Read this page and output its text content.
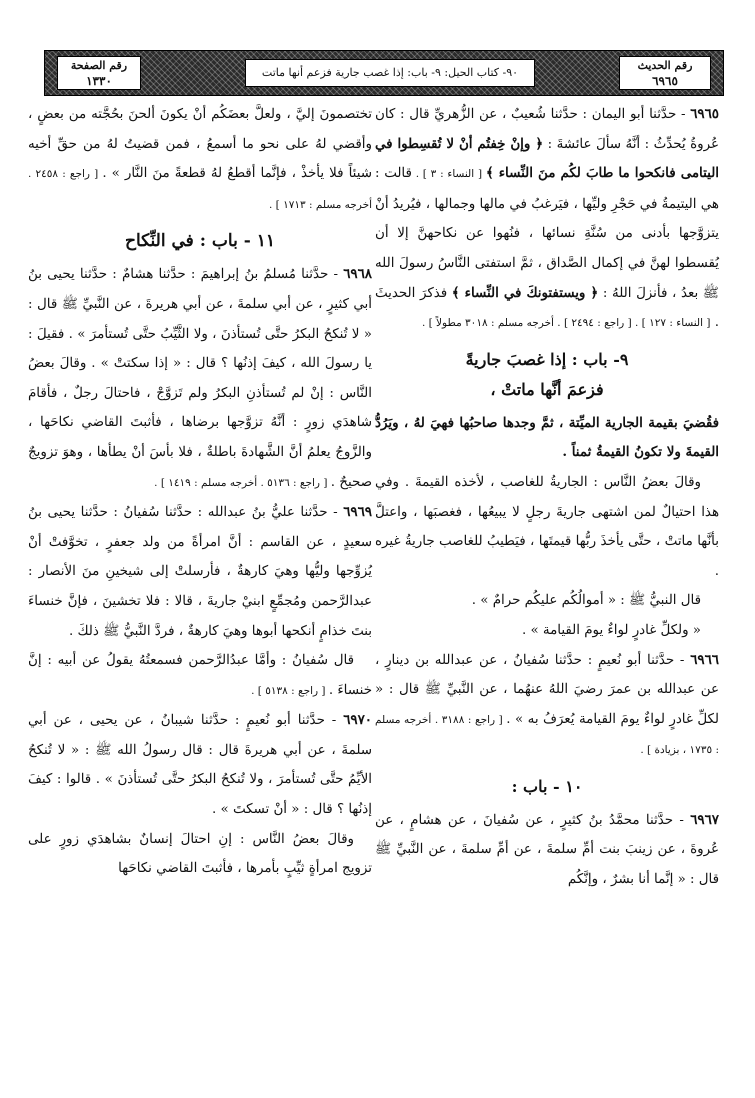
رقم الحديث
٦٩٦٥
٩٠- كتاب الحيل: ٩- باب: إذا غصب جارية فزعم أنها ماتت
رقم الصفحة
١٣٣٠

٦٩٦٥ - حدَّثنا أبو اليمان : حدَّثنا شُعيبٌ ، عن الزُّهريِّ قال : كان عُروةُ يُحدِّثُ : أنَّهُ سألَ عائشةَ : ﴿ وإنْ خِفتُم أنْ لا تُقسِطوا في اليتامى فانكحوا ما طابَ لكُم منَ النِّساء ﴾ [ النساء : ٣ ] . قالت : هي اليتيمةُ في حَجْرِ وليِّها ، فيَرغبُ في مالها وجمالها ، فيُريدُ أنْ يتزوَّجها بأدنى من سُنَّةِ نسائها ، فنُهوا عن نكاحهنَّ إلا أن يُقسطوا لهنَّ في إكمال الصَّداق ، ثمَّ استفتى النَّاسُ رسولَ الله ﷺ بعدُ ، فأنزلَ اللهُ : ﴿ ويستفتونكَ في النِّساء ﴾ فذكرَ الحديثَ . [ النساء : ١٢٧ ] . [ راجع : ٢٤٩٤ ] . أخرجه مسلم : ٣٠١٨ مطولاً ] .

٩- باب : إذا غصبَ جاريةً
فزعمَ أنَّها ماتتْ ،

فقُضيَ بقيمة الجارية الميِّتة ، ثمَّ وجدها صاحبُها فهيَ لهُ ، ويَرُدُّ القيمةَ ولا تكونُ القيمةُ ثمناً .

وقالَ بعضُ النَّاس : الجاريةُ للغاصب ، لأخذه القيمةَ . وفي هذا احتيالٌ لمن اشتهى جاريةَ رجلٍ لا يبيعُها ، فغصبَها ، واعتلَّ بأنَّها ماتتْ ، حتَّى يأخذَ ربُّها قيمتَها ، فيَطيبُ للغاصب جاريةُ غيره .

قال النبيُّ ﷺ : « أموالُكُم عليكُم حرامٌ » .

« ولكلِّ غادرٍ لواءٌ يومَ القيامة » .

٦٩٦٦ - حدَّثنا أبو نُعيمٍ : حدَّثنا سُفيانُ ، عن عبدالله بن دينارٍ ، عن عبدالله بن عمرَ رضيَ اللهُ عنهُما ، عن النَّبيِّ ﷺ قال : « لكلِّ غادرٍ لواءٌ يومَ القيامة يُعرَفُ به » . [ راجع : ٣١٨٨ . أخرجه مسلم : ١٧٣٥ ، بزيادة ] .

١٠ - باب :

٦٩٦٧ - حدَّثنا محمَّدُ بنُ كثيرٍ ، عن سُفيانَ ، عن هشامٍ ، عن عُروةَ ، عن زينبَ بنت أمِّ سلمةَ ، عن أمِّ سلمةَ ، عن النَّبيِّ ﷺ قال : « إنَّما أنا بشرٌ ، وإنَّكُم

تختصمونَ إليَّ ، ولعلَّ بعضَكُم أنْ يكونَ ألحنَ بحُجَّته من بعضٍ ، وأقضي لهُ على نحو ما أسمعُ ، فمن قضيتُ لهُ من حقِّ أخيه شيئاً فلا يأخذْ ، فإنَّما أقطعُ لهُ قطعةً منَ النَّار » . [ راجع : ٢٤٥٨ . أخرجه مسلم : ١٧١٣ ] .

١١ - باب : في النِّكاح

٦٩٦٨ - حدَّثنا مُسلمُ بنُ إبراهيمَ : حدَّثنا هشامٌ : حدَّثنا يحيى بنُ أبي كثيرٍ ، عن أبي سلمةَ ، عن أبي هريرةَ ، عن النَّبيِّ ﷺ قال : « لا تُنكحُ البكرُ حتَّى تُستأذنَ ، ولا الثَّيِّبُ حتَّى تُستأمرَ » . فقيلَ : يا رسولَ الله ، كيفَ إذنُها ؟ قال : « إذا سكتتْ » . وقالَ بعضُ النَّاس : إنْ لم تُستأذنِ البكرُ ولم تَزوَّجْ ، فاحتالَ رجلٌ ، فأقامَ شاهدَي زورٍ : أنَّهُ تزوَّجها برضاها ، فأثبتَ القاضي نكاحَها ، والزَّوجُ يعلمُ أنَّ الشَّهادةَ باطلةٌ ، فلا بأسَ أنْ يطأها ، وهوَ تزويجٌ صحيحٌ . [ راجع : ٥١٣٦ . أخرجه مسلم : ١٤١٩ ] .

٦٩٦٩ - حدَّثنا عليُّ بنُ عبدالله : حدَّثنا سُفيانُ : حدَّثنا يحيى بنُ سعيدٍ ، عن القاسم : أنَّ امرأةً من ولد جعفرٍ ، تخوَّفتْ أنْ يُزوِّجها وليُّها وهيَ كارهةٌ ، فأرسلتْ إلى شيخينِ منَ الأنصار : عبدالرَّحمن ومُجمِّعٍ ابنيْ جاريةَ ، قالا : فلا تخشينَ ، فإنَّ خنساءَ بنتَ خذامٍ أنكحها أبوها وهيَ كارهةٌ ، فردَّ النَّبيُّ ﷺ ذلكَ .

قال سُفيانُ : وأمَّا عبدُالرَّحمن فسمعتُهُ يقولُ عن أبيه : إنَّ خنساءَ . [ راجع : ٥١٣٨ ] .

٦٩٧٠ - حدَّثنا أبو نُعيمٍ : حدَّثنا شيبانُ ، عن يحيى ، عن أبي سلمةَ ، عن أبي هريرةَ قال : قال رسولُ الله ﷺ : « لا تُنكحُ الأيِّمُ حتَّى تُستأمرَ ، ولا تُنكحُ البكرُ حتَّى تُستأذنَ » . قالوا : كيفَ إذنُها ؟ قال : « أنْ تسكتَ » .

وقالَ بعضُ النَّاس : إنِ احتالَ إنسانٌ بشاهدَي زورٍ على تزويج امرأةٍ ثيِّبٍ بأمرها ، فأثبتَ القاضي نكاحَها
